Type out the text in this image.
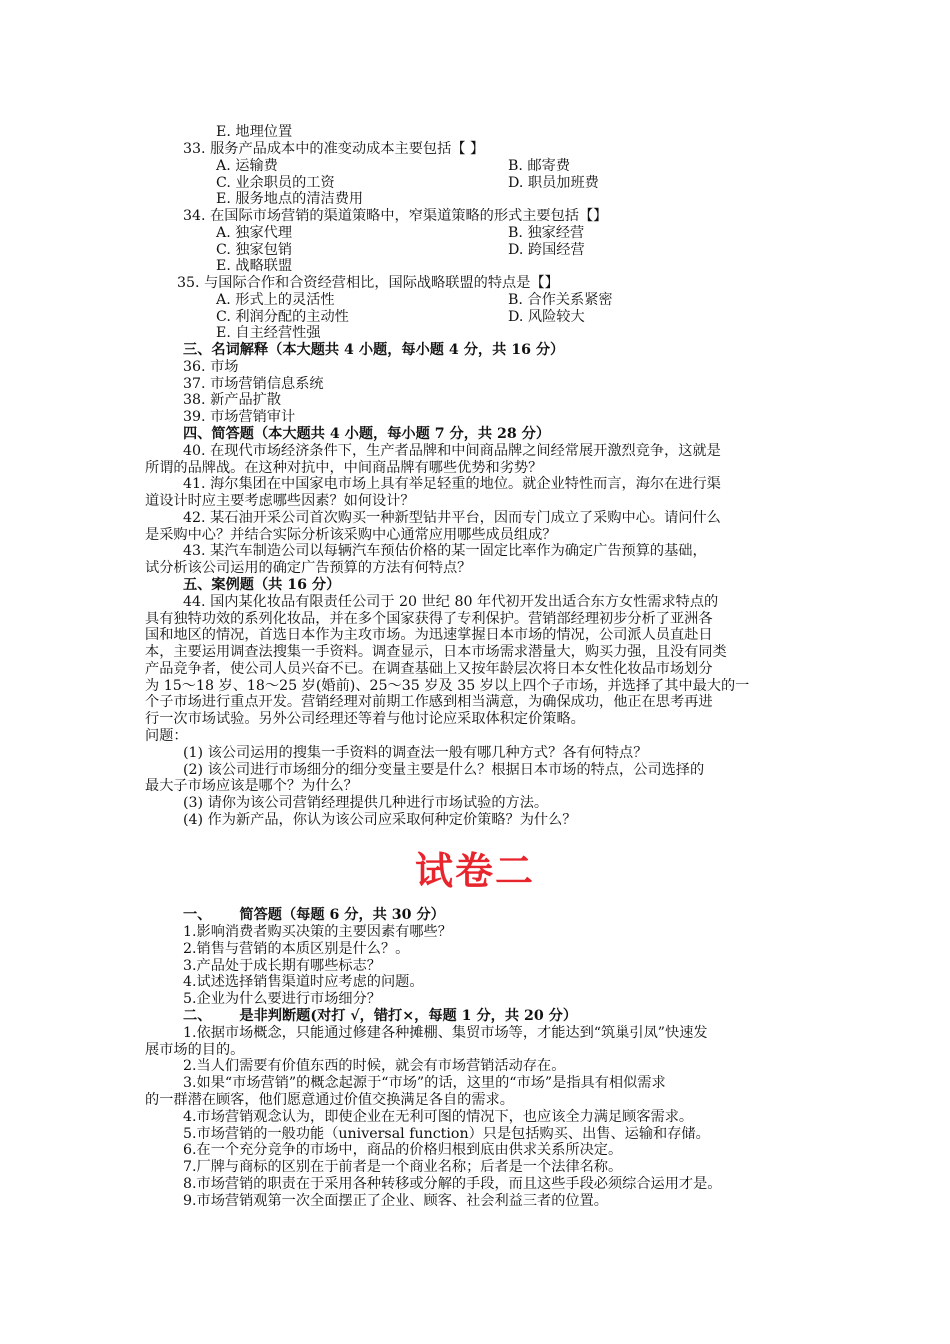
E. 地理位置
33. 服务产品成本中的准变动成本主要包括【 】
A. 运输费	B. 邮寄费
C. 业余职员的工资	D. 职员加班费
E. 服务地点的清洁费用
34. 在国际市场营销的渠道策略中，窄渠道策略的形式主要包括【】
A. 独家代理	B. 独家经营
C. 独家包销	D. 跨国经营
E. 战略联盟
35. 与国际合作和合资经营相比，国际战略联盟的特点是【】
A. 形式上的灵活性	B. 合作关系紧密
C. 利润分配的主动性	D. 风险较大
E. 自主经营性强
三、名词解释（本大题共 4 小题，每小题 4 分，共 16 分）
36. 市场
37. 市场营销信息系统
38. 新产品扩散
39. 市场营销审计
四、简答题（本大题共 4 小题，每小题 7 分，共 28 分）
40. 在现代市场经济条件下，生产者品牌和中间商品牌之间经常展开激烈竞争，这就是
所谓的品牌战。在这种对抗中，中间商品牌有哪些优势和劣势？
41. 海尔集团在中国家电市场上具有举足轻重的地位。就企业特性而言，海尔在进行渠
道设计时应主要考虑哪些因素？如何设计？
42. 某石油开采公司首次购买一种新型钻井平台，因而专门成立了采购中心。请问什么
是采购中心？并结合实际分析该采购中心通常应用哪些成员组成？
43. 某汽车制造公司以每辆汽车预估价格的某一固定比率作为确定广告预算的基础，
试分析该公司运用的确定广告预算的方法有何特点？
五、案例题（共 16 分）
44. 国内某化妆品有限责任公司于 20 世纪 80 年代初开发出适合东方女性需求特点的
具有独特功效的系列化妆品，并在多个国家获得了专利保护。营销部经理初步分析了亚洲各
国和地区的情况，首选日本作为主攻市场。为迅速掌握日本市场的情况，公司派人员直赴日
本，主要运用调查法搜集一手资料。调查显示，日本市场需求潜量大，购买力强，且没有同类
产品竞争者，使公司人员兴奋不已。在调查基础上又按年龄层次将日本女性化妆品市场划分
为 15～18 岁、18～25 岁(婚前)、25～35 岁及 35 岁以上四个子市场，并选择了其中最大的一
个子市场进行重点开发。营销经理对前期工作感到相当满意，为确保成功，他正在思考再进
行一次市场试验。另外公司经理还等着与他讨论应采取体积定价策略。
问题：
(1) 该公司运用的搜集一手资料的调查法一般有哪几种方式？各有何特点？
(2) 该公司进行市场细分的细分变量主要是什么？根据日本市场的特点，公司选择的
最大子市场应该是哪个？为什么？
(3) 请你为该公司营销经理提供几种进行市场试验的方法。
(4) 作为新产品，你认为该公司应采取何种定价策略？为什么？
试卷二
一、 简答题（每题 6 分，共 30 分）
1.影响消费者购买决策的主要因素有哪些？
2.销售与营销的本质区别是什么？。
3.产品处于成长期有哪些标志？
4.试述选择销售渠道时应考虑的问题。
5.企业为什么要进行市场细分？
二、 是非判断题(对打 √，错打×，每题 1 分，共 20 分）
1.依据市场概念，只能通过修建各种摊棚、集贸市场等，才能达到“筑巢引凤”快速发
展市场的目的。
2.当人们需要有价值东西的时候，就会有市场营销活动存在。
3.如果“市场营销”的概念起源于“市场”的话，这里的“市场”是指具有相似需求
的一群潜在顾客，他们愿意通过价值交换满足各自的需求。
4.市场营销观念认为，即使企业在无利可图的情况下，也应该全力满足顾客需求。
5.市场营销的一般功能（universal function）只是包括购买、出售、运输和存储。
6.在一个充分竞争的市场中，商品的价格归根到底由供求关系所决定。
7.厂牌与商标的区别在于前者是一个商业名称；后者是一个法律名称。
8.市场营销的职责在于采用各种转移或分解的手段，而且这些手段必须综合运用才是。
9.市场营销观第一次全面摆正了企业、顾客、社会利益三者的位置。
